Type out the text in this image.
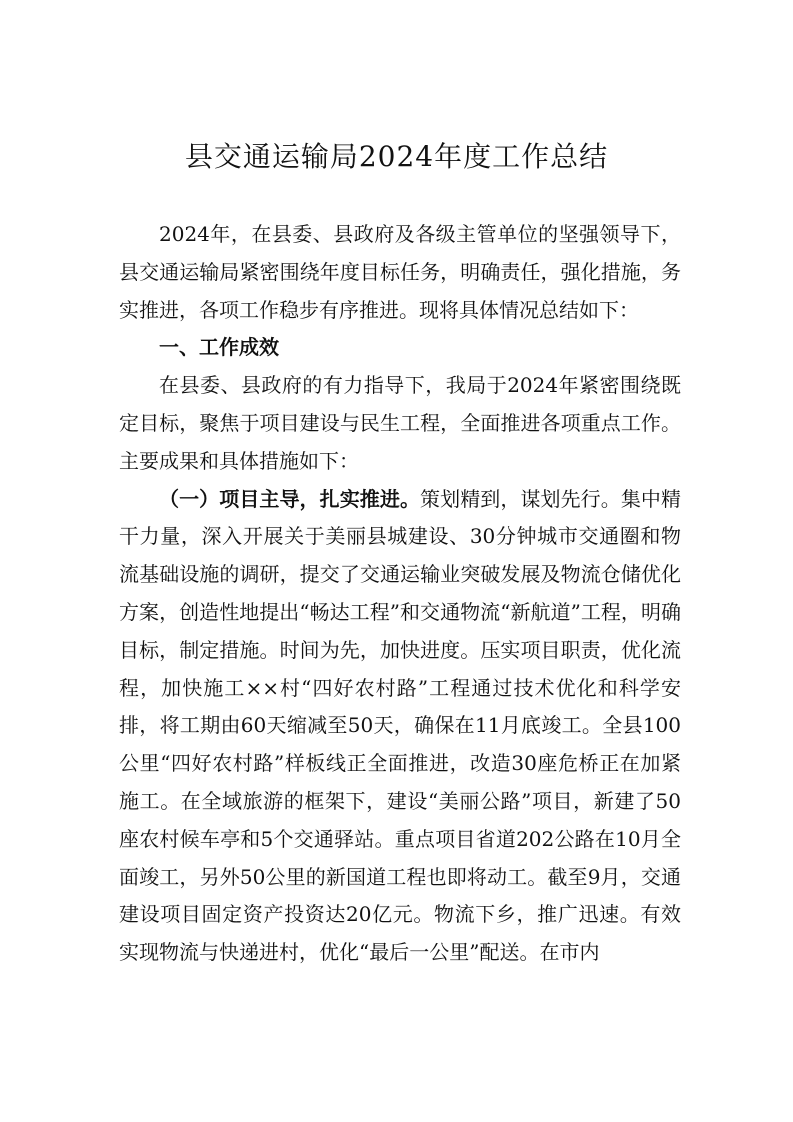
县交通运输局2024年度工作总结

2024年，在县委、县政府及各级主管单位的坚强领导下，县交通运输局紧密围绕年度目标任务，明确责任，强化措施，务实推进，各项工作稳步有序推进。现将具体情况总结如下：

一、工作成效

在县委、县政府的有力指导下，我局于2024年紧密围绕既定目标，聚焦于项目建设与民生工程，全面推进各项重点工作。主要成果和具体措施如下：

（一）项目主导，扎实推进。策划精到，谋划先行。集中精干力量，深入开展关于美丽县城建设、30分钟城市交通圈和物流基础设施的调研，提交了交通运输业突破发展及物流仓储优化方案，创造性地提出“畅达工程”和交通物流“新航道”工程，明确目标，制定措施。时间为先，加快进度。压实项目职责，优化流程，加快施工××村“四好农村路”工程通过技术优化和科学安排，将工期由60天缩减至50天，确保在11月底竣工。全县100公里“四好农村路”样板线正全面推进，改造30座危桥正在加紧施工。在全域旅游的框架下，建设“美丽公路”项目，新建了50座农村候车亭和5个交通驿站。重点项目省道202公路在10月全面竣工，另外50公里的新国道工程也即将动工。截至9月，交通建设项目固定资产投资达20亿元。物流下乡，推广迅速。有效实现物流与快递进村，优化“最后一公里”配送。在市内
